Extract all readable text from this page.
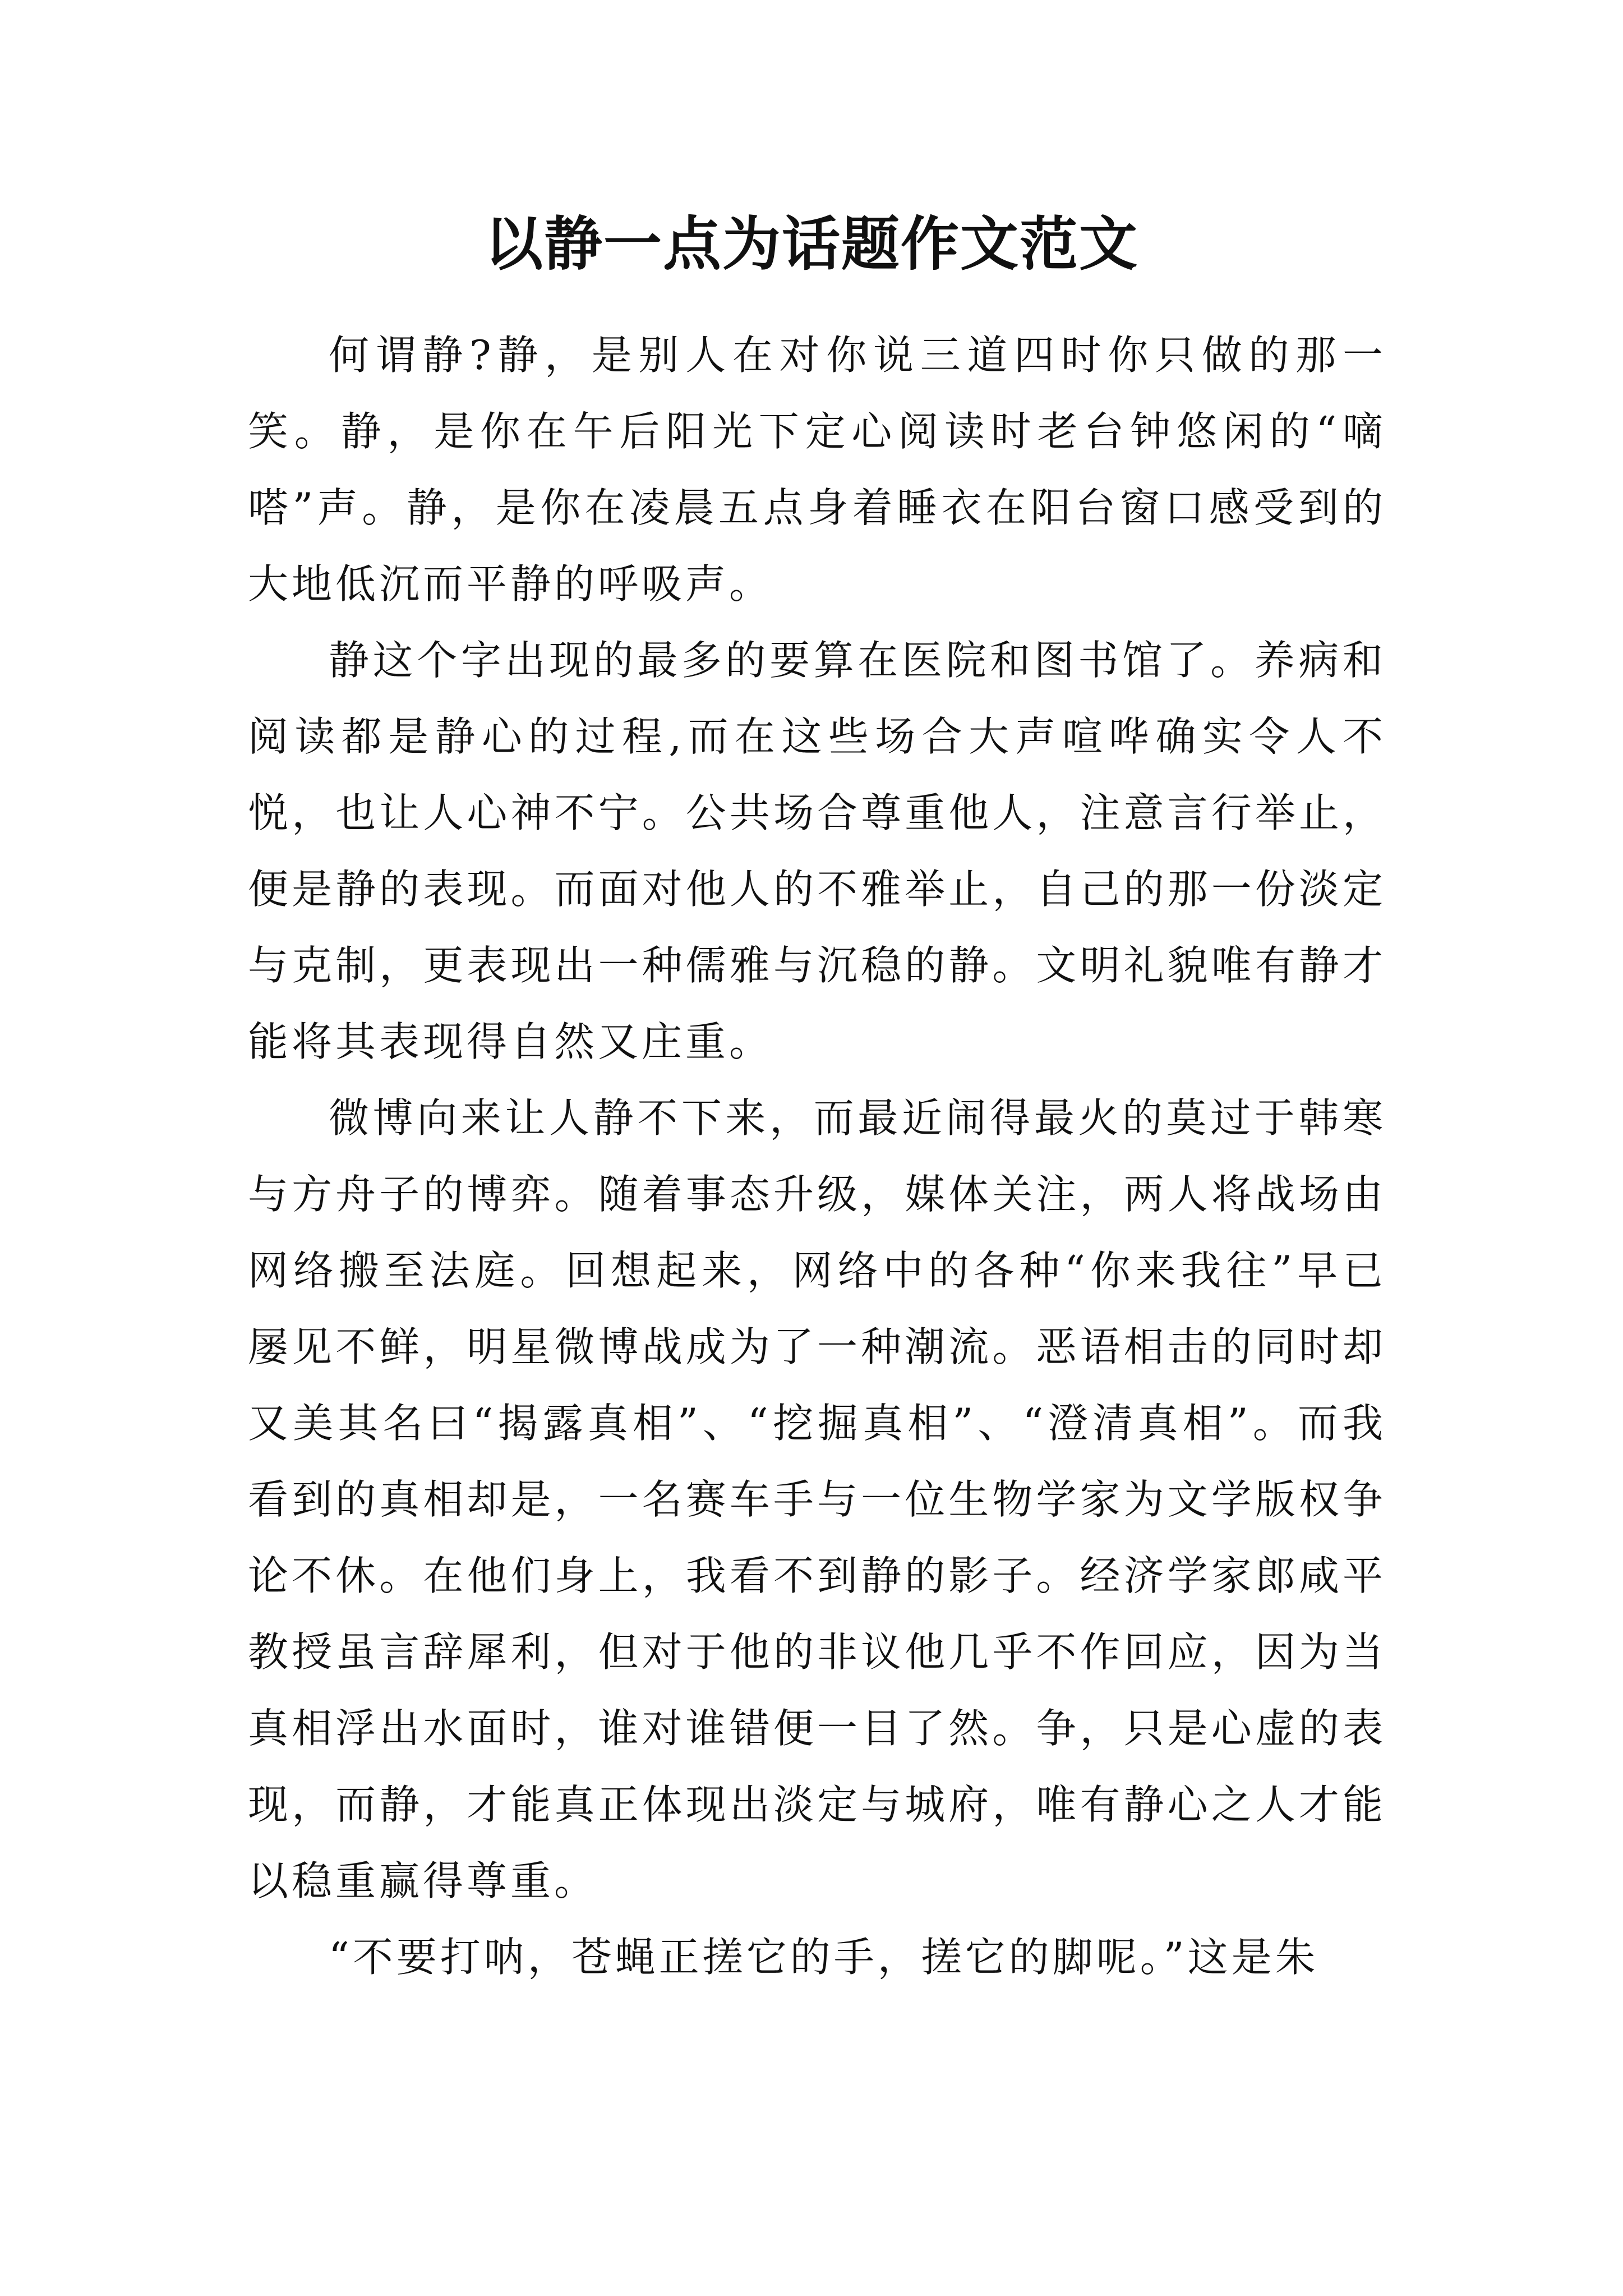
以静一点为话题作文范文

何谓静?静，是别人在对你说三道四时你只做的那一笑。静，是你在午后阳光下定心阅读时老台钟悠闲的“嘀嗒”声。静，是你在凌晨五点身着睡衣在阳台窗口感受到的大地低沉而平静的呼吸声。

静这个字出现的最多的要算在医院和图书馆了。养病和阅读都是静心的过程,而在这些场合大声喧哗确实令人不悦，也让人心神不宁。公共场合尊重他人，注意言行举止，便是静的表现。而面对他人的不雅举止，自己的那一份淡定与克制，更表现出一种儒雅与沉稳的静。文明礼貌唯有静才能将其表现得自然又庄重。

微博向来让人静不下来，而最近闹得最火的莫过于韩寒与方舟子的博弈。随着事态升级，媒体关注，两人将战场由网络搬至法庭。回想起来，网络中的各种“你来我往”早已屡见不鲜，明星微博战成为了一种潮流。恶语相击的同时却又美其名曰“揭露真相”、“挖掘真相”、“澄清真相”。而我看到的真相却是，一名赛车手与一位生物学家为文学版权争论不休。在他们身上，我看不到静的影子。经济学家郎咸平教授虽言辞犀利，但对于他的非议他几乎不作回应，因为当真相浮出水面时，谁对谁错便一目了然。争，只是心虚的表现，而静，才能真正体现出淡定与城府，唯有静心之人才能以稳重赢得尊重。

“不要打呐，苍蝇正搓它的手，搓它的脚呢。”这是朱
